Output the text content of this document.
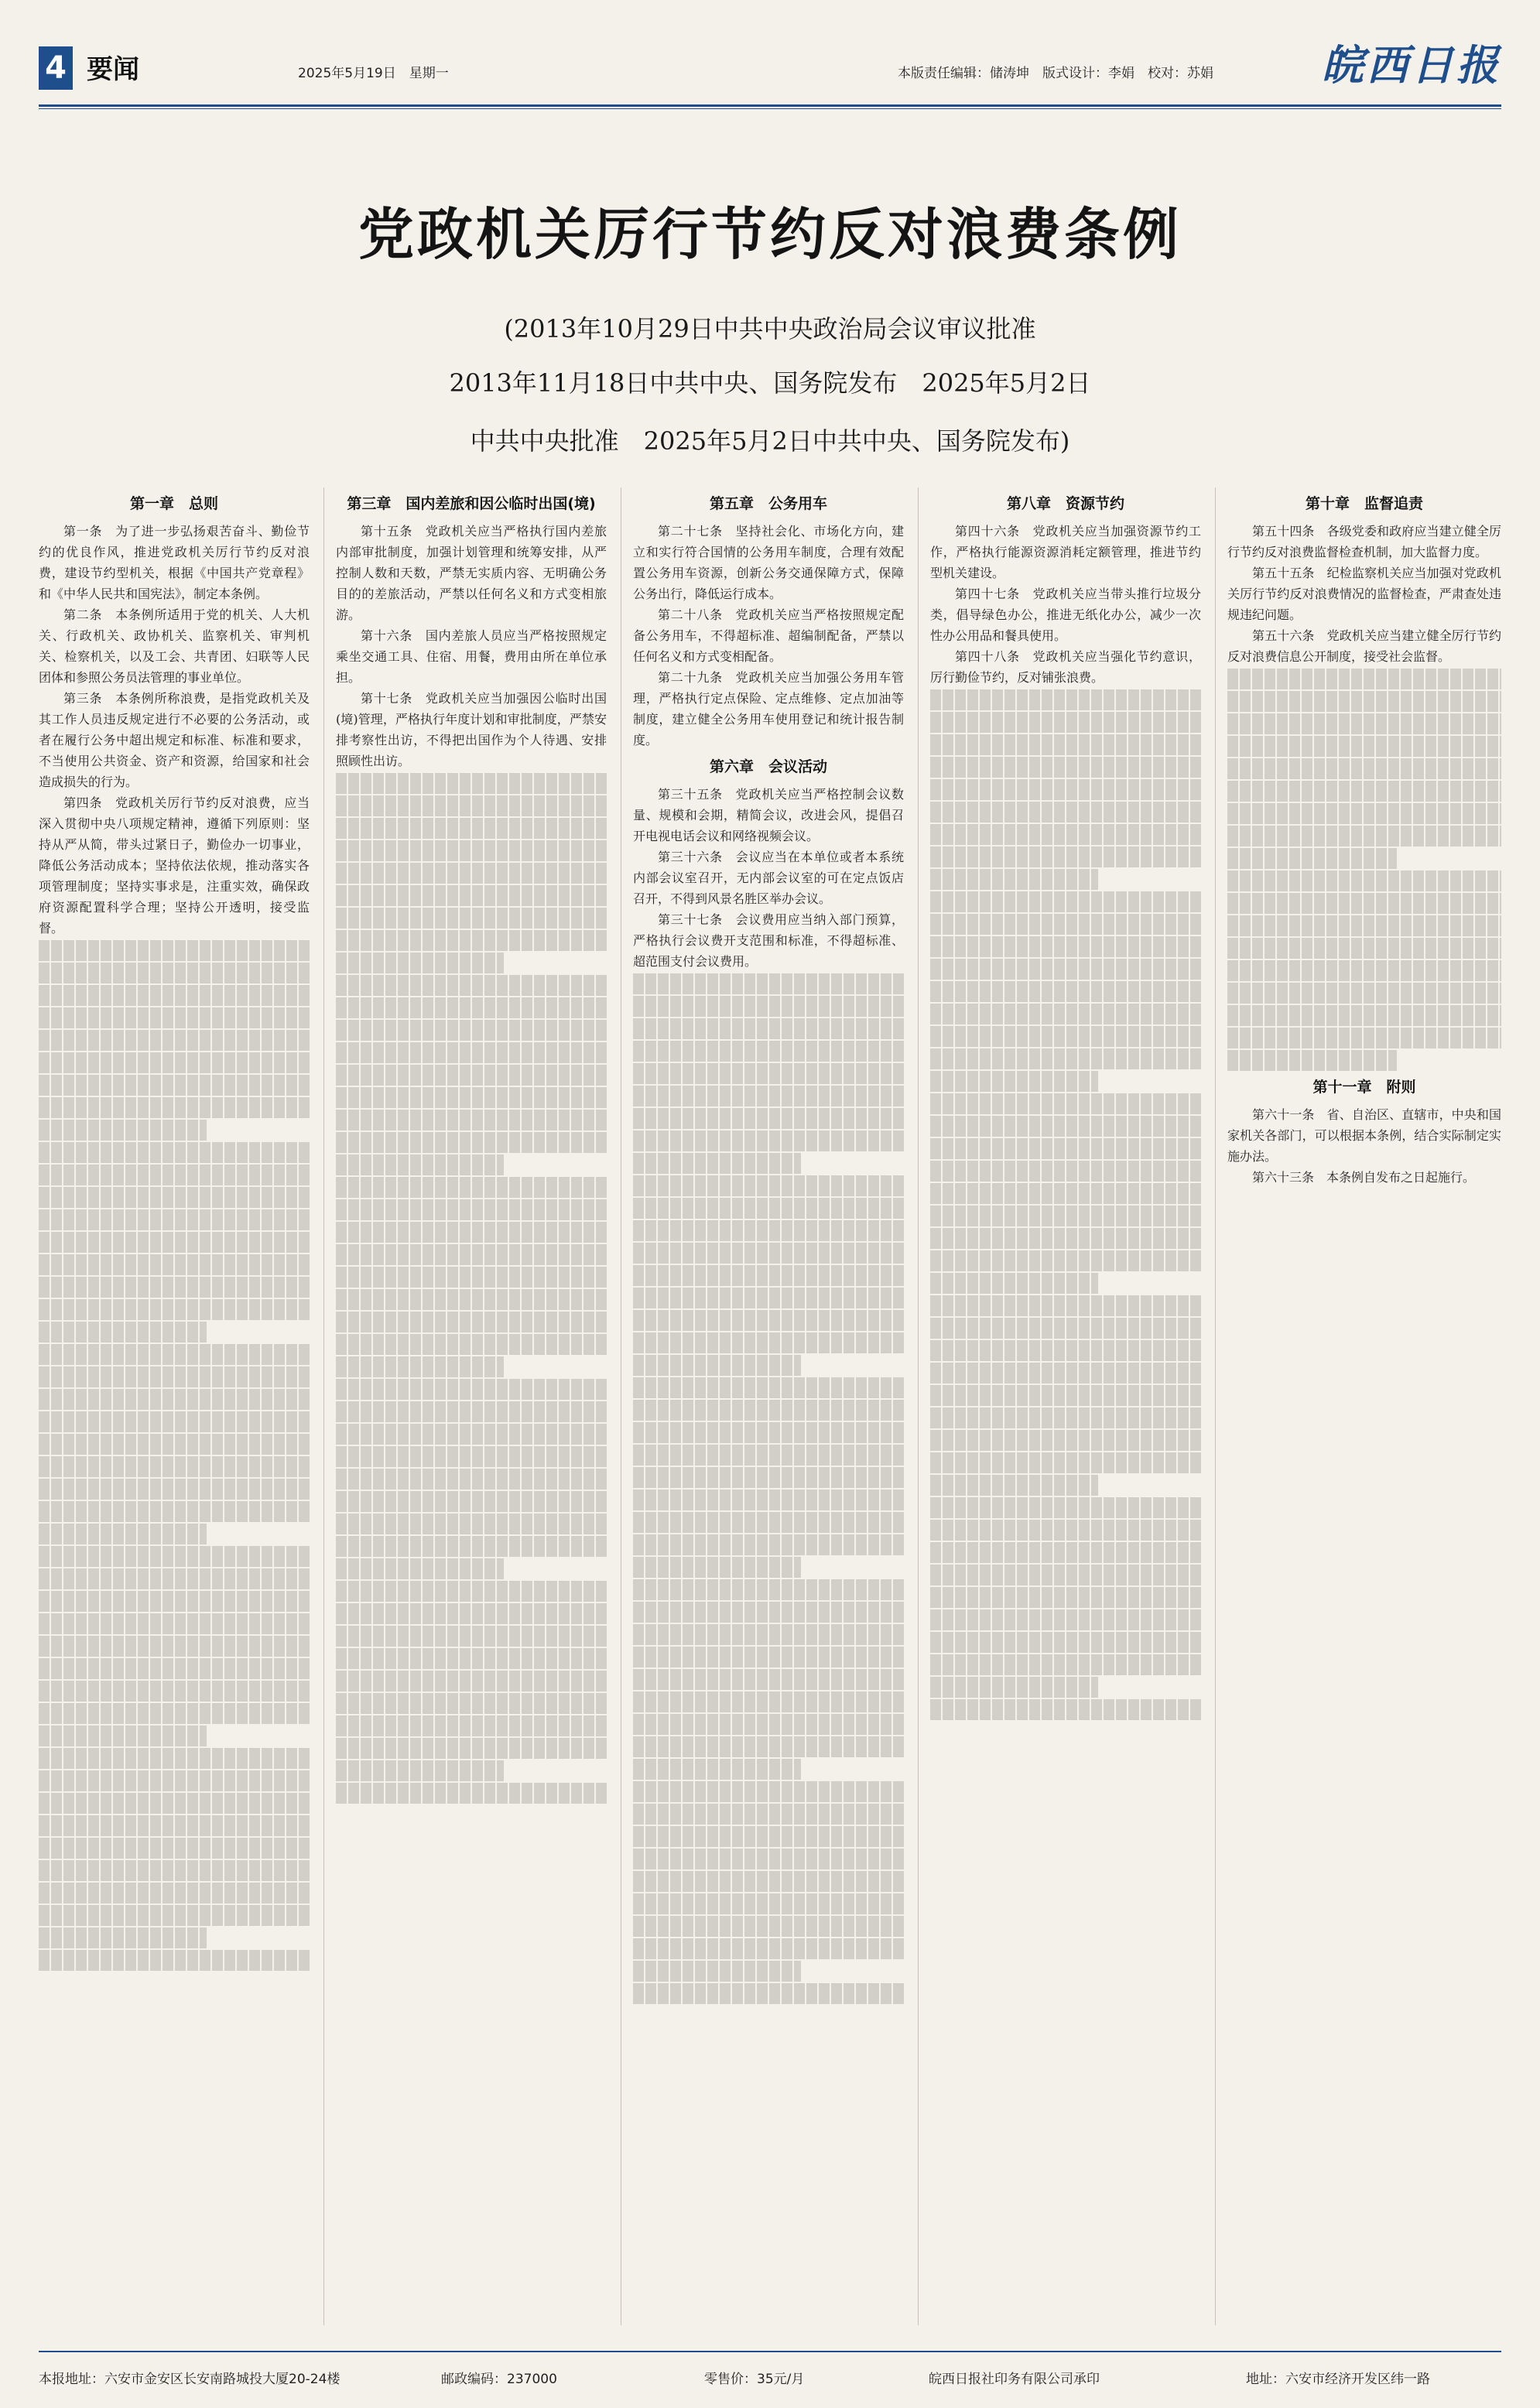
4 要闻	2025年5月19日　星期一	本版责任编辑：储涛坤　版式设计：李娟　校对：苏娟	皖西日报
党政机关厉行节约反对浪费条例
(2013年10月29日中共中央政治局会议审议批准
2013年11月18日中共中央、国务院发布　2025年5月2日
中共中央批准　2025年5月2日中共中央、国务院发布)
第一章　总则

第一条　为了进一步弘扬艰苦奋斗、勤俭节约的优良作风，推进党政机关厉行节约反对浪费，建设节约型机关，根据《中国共产党章程》和《中华人民共和国宪法》，制定本条例。

第二条　本条例所适用于党的机关、人大机关、行政机关、政协机关、监察机关、审判机关、检察机关，以及工会、共青团、妇联等人民团体和参照公务员法管理的事业单位。

第三条　本条例所称浪费，是指党政机关及其工作人员违反规定进行不必要的公务活动，或者在履行公务中超出规定和标准、标准和要求，不当使用公共资金、资产和资源，给国家和社会造成损失的行为。

第四条　党政机关厉行节约反对浪费，应当深入贯彻中央八项规定精神，遵循下列原则：坚持从严从简，带头过紧日子，勤俭办一切事业，降低公务活动成本；坚持依法依规，推动落实各项管理制度；坚持实事求是，注重实效，确保政府资源配置科学合理；坚持公开透明，接受监督。

第三章　国内差旅和因公临时出国(境)

第十五条　党政机关应当严格执行国内差旅内部审批制度，加强计划管理和统筹安排，从严控制人数和天数，严禁无实质内容、无明确公务目的的差旅活动，严禁以任何名义和方式变相旅游。

第十六条　国内差旅人员应当严格按照规定乘坐交通工具、住宿、用餐，费用由所在单位承担。

第十七条　党政机关应当加强因公临时出国(境)管理，严格执行年度计划和审批制度，严禁安排考察性出访，不得把出国作为个人待遇、安排照顾性出访。

第五章　公务用车

第二十七条　坚持社会化、市场化方向，建立和实行符合国情的公务用车制度，合理有效配置公务用车资源，创新公务交通保障方式，保障公务出行，降低运行成本。

第二十八条　党政机关应当严格按照规定配备公务用车，不得超标准、超编制配备，严禁以任何名义和方式变相配备。

第二十九条　党政机关应当加强公务用车管理，严格执行定点保险、定点维修、定点加油等制度，建立健全公务用车使用登记和统计报告制度。

第六章　会议活动

第三十五条　党政机关应当严格控制会议数量、规模和会期，精简会议，改进会风，提倡召开电视电话会议和网络视频会议。

第三十六条　会议应当在本单位或者本系统内部会议室召开，无内部会议室的可在定点饭店召开，不得到风景名胜区举办会议。

第三十七条　会议费用应当纳入部门预算，严格执行会议费开支范围和标准，不得超标准、超范围支付会议费用。

第八章　资源节约

第四十六条　党政机关应当加强资源节约工作，严格执行能源资源消耗定额管理，推进节约型机关建设。

第四十七条　党政机关应当带头推行垃圾分类，倡导绿色办公，推进无纸化办公，减少一次性办公用品和餐具使用。

第四十八条　党政机关应当强化节约意识，厉行勤俭节约，反对铺张浪费。

第十章　监督追责

第五十四条　各级党委和政府应当建立健全厉行节约反对浪费监督检查机制，加大监督力度。

第五十五条　纪检监察机关应当加强对党政机关厉行节约反对浪费情况的监督检查，严肃查处违规违纪问题。

第五十六条　党政机关应当建立健全厉行节约反对浪费信息公开制度，接受社会监督。

第十一章　附则

第六十一条　省、自治区、直辖市，中央和国家机关各部门，可以根据本条例，结合实际制定实施办法。

第六十三条　本条例自发布之日起施行。

本报地址：六安市金安区长安南路城投大厦20-24楼	邮政编码：237000	零售价：35元/月	皖西日报社印务有限公司承印	地址：六安市经济开发区纬一路
